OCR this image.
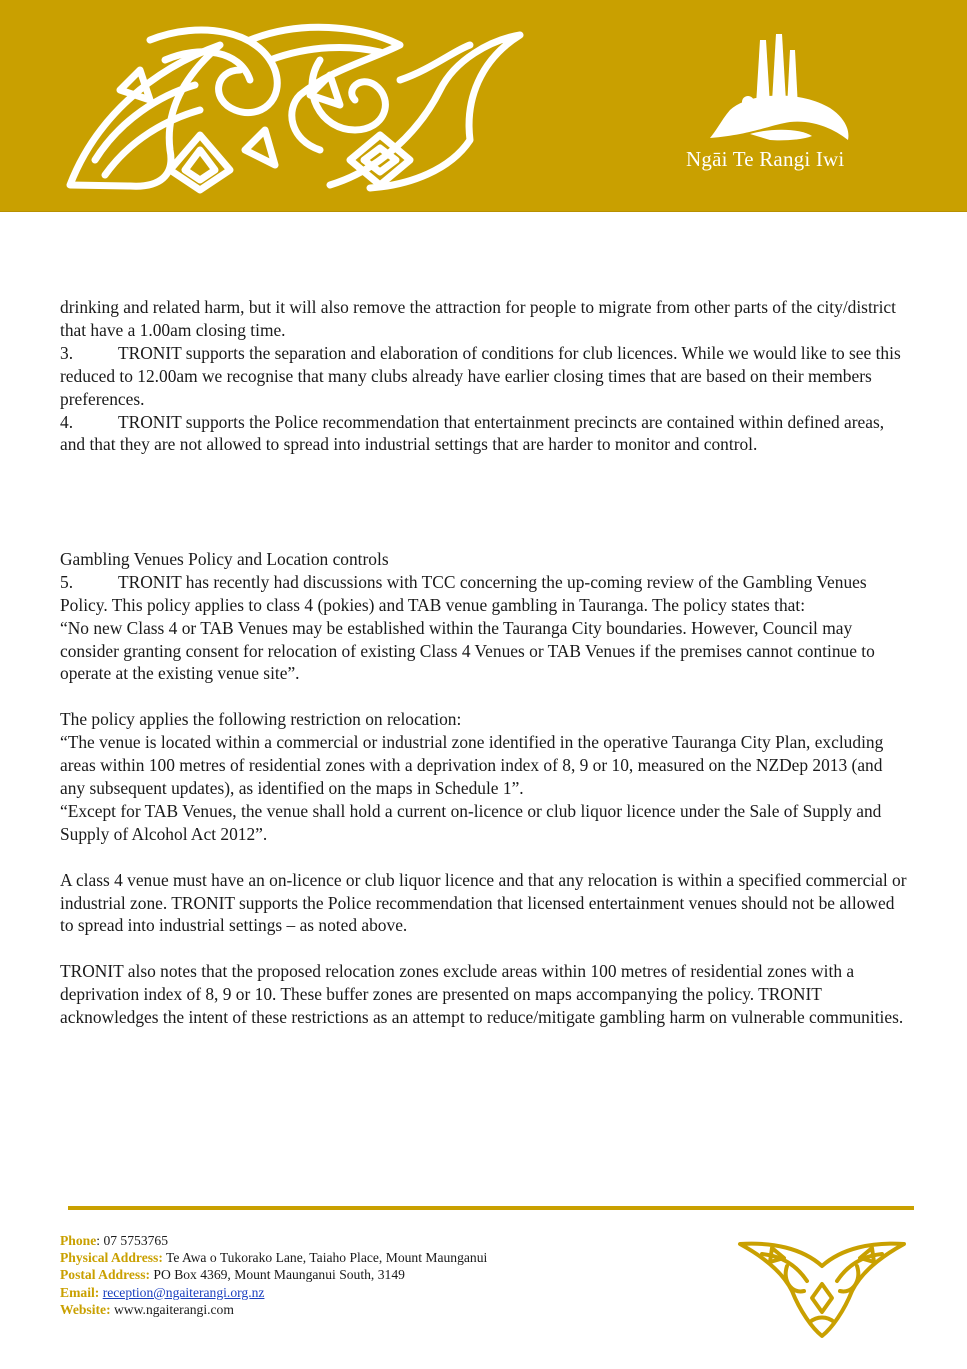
Ngāi Te Rangi Iwi

drinking and related harm, but it will also remove the attraction for people to migrate from other parts of the city/district that have a 1.00am closing time.

3.	TRONIT supports the separation and elaboration of conditions for club licences. While we would like to see this reduced to 12.00am we recognise that many clubs already have earlier closing times that are based on their members preferences.

4.	TRONIT supports the Police recommendation that entertainment precincts are contained within defined areas, and that they are not allowed to spread into industrial settings that are harder to monitor and control.

Gambling Venues Policy and Location controls

5.	TRONIT has recently had discussions with TCC concerning the up-coming review of the Gambling Venues Policy. This policy applies to class 4 (pokies) and TAB venue gambling in Tauranga. The policy states that:

“No new Class 4 or TAB Venues may be established within the Tauranga City boundaries. However, Council may consider granting consent for relocation of existing Class 4 Venues or TAB Venues if the premises cannot continue to operate at the existing venue site”.

The policy applies the following restriction on relocation:

“The venue is located within a commercial or industrial zone identified in the operative Tauranga City Plan, excluding areas within 100 metres of residential zones with a deprivation index of 8, 9 or 10, measured on the NZDep 2013 (and any subsequent updates), as identified on the maps in Schedule 1”.

“Except for TAB Venues, the venue shall hold a current on-licence or club liquor licence under the Sale of Supply and Supply of Alcohol Act 2012”.

A class 4 venue must have an on-licence or club liquor licence and that any relocation is within a specified commercial or industrial zone. TRONIT supports the Police recommendation that licensed entertainment venues should not be allowed to spread into industrial settings – as noted above.

TRONIT also notes that the proposed relocation zones exclude areas within 100 metres of residential zones with a deprivation index of 8, 9 or 10. These buffer zones are presented on maps accompanying the policy. TRONIT acknowledges the intent of these restrictions as an attempt to reduce/mitigate gambling harm on vulnerable communities.

Phone: 07 5753765
Physical Address: Te Awa o Tukorako Lane, Taiaho Place, Mount Maunganui
Postal Address: PO Box 4369, Mount Maunganui South, 3149
Email: reception@ngaiterangi.org.nz
Website: www.ngaiterangi.com
